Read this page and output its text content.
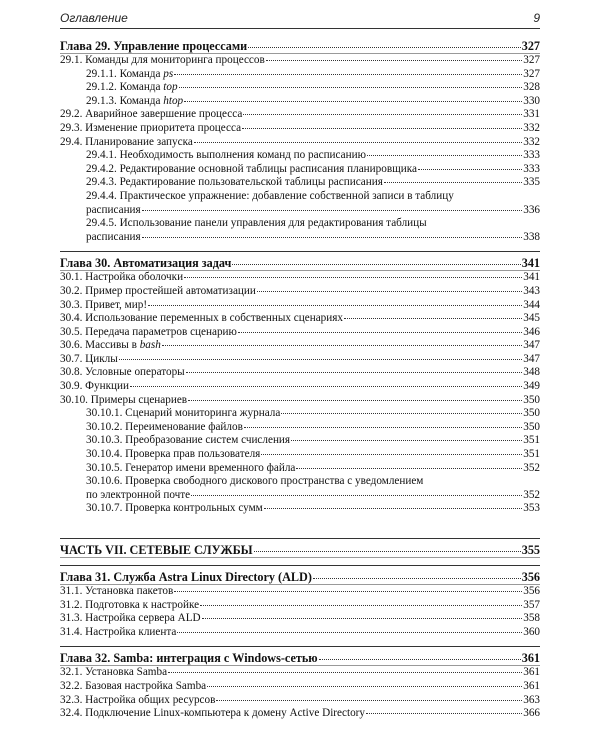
Оглавление	9
Глава 29. Управление процессами	327
29.1. Команды для мониторинга процессов	327
29.1.1. Команда ps	327
29.1.2. Команда top	328
29.1.3. Команда htop	330
29.2. Аварийное завершение процесса	331
29.3. Изменение приоритета процесса	332
29.4. Планирование запуска	332
29.4.1. Необходимость выполнения команд по расписанию	333
29.4.2. Редактирование основной таблицы расписания планировщика	333
29.4.3. Редактирование пользовательской таблицы расписания	335
29.4.4. Практическое упражнение: добавление собственной записи в таблицу
расписания	336
29.4.5. Использование панели управления для редактирования таблицы
расписания	338
Глава 30. Автоматизация задач	341
30.1. Настройка оболочки	341
30.2. Пример простейшей автоматизации	343
30.3. Привет, мир!	344
30.4. Использование переменных в собственных сценариях	345
30.5. Передача параметров сценарию	346
30.6. Массивы в bash	347
30.7. Циклы	347
30.8. Условные операторы	348
30.9. Функции	349
30.10. Примеры сценариев	350
30.10.1. Сценарий мониторинга журнала	350
30.10.2. Переименование файлов	350
30.10.3. Преобразование систем счисления	351
30.10.4. Проверка прав пользователя	351
30.10.5. Генератор имени временного файла	352
30.10.6. Проверка свободного дискового пространства с уведомлением
по электронной почте	352
30.10.7. Проверка контрольных сумм	353
ЧАСТЬ VII. СЕТЕВЫЕ СЛУЖБЫ	355
Глава 31. Служба Astra Linux Directory (ALD)	356
31.1. Установка пакетов	356
31.2. Подготовка к настройке	357
31.3. Настройка сервера ALD	358
31.4. Настройка клиента	360
Глава 32. Samba: интеграция с Windows-сетью	361
32.1. Установка Samba	361
32.2. Базовая настройка Samba	361
32.3. Настройка общих ресурсов	363
32.4. Подключение Linux-компьютера к домену Active Directory	366
